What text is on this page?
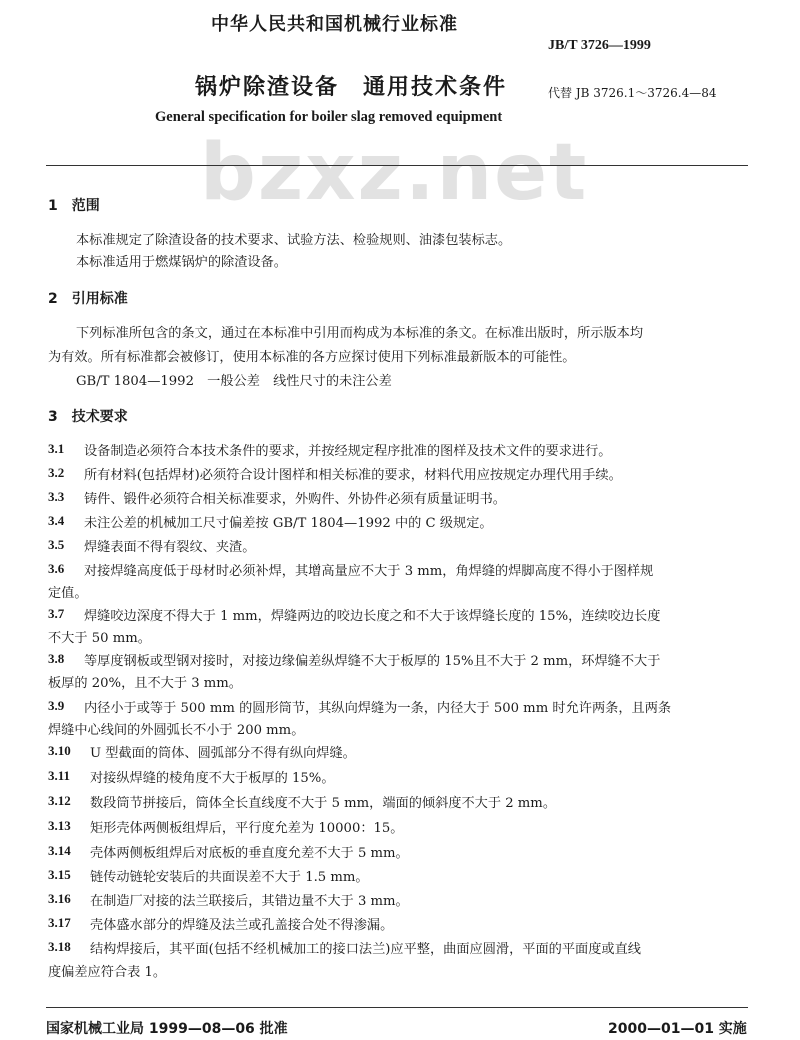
中华人民共和国机械行业标准
JB/T 3726—1999
锅炉除渣设备　通用技术条件	代替 JB 3726.1～3726.4—84
General specification for boiler slag removed equipment
bzxz.net
1　范围
本标准规定了除渣设备的技术要求、试验方法、检验规则、油漆包装标志。
本标准适用于燃煤锅炉的除渣设备。
2　引用标准
下列标准所包含的条文，通过在本标准中引用而构成为本标准的条文。在标准出版时，所示版本均
为有效。所有标准都会被修订，使用本标准的各方应探讨使用下列标准最新版本的可能性。
GB/T 1804—1992　一般公差　线性尺寸的未注公差
3　技术要求
3.1 设备制造必须符合本技术条件的要求，并按经规定程序批准的图样及技术文件的要求进行。
3.2 所有材料(包括焊材)必须符合设计图样和相关标准的要求，材料代用应按规定办理代用手续。
3.3 铸件、锻件必须符合相关标准要求，外购件、外协件必须有质量证明书。
3.4 未注公差的机械加工尺寸偏差按 GB/T 1804—1992 中的 C 级规定。
3.5 焊缝表面不得有裂纹、夹渣。
3.6 对接焊缝高度低于母材时必须补焊，其增高量应不大于 3 mm，角焊缝的焊脚高度不得小于图样规
定值。
3.7 焊缝咬边深度不得大于 1 mm，焊缝两边的咬边长度之和不大于该焊缝长度的 15%，连续咬边长度
不大于 50 mm。
3.8 等厚度钢板或型钢对接时，对接边缘偏差纵焊缝不大于板厚的 15%且不大于 2 mm，环焊缝不大于
板厚的 20%，且不大于 3 mm。
3.9 内径小于或等于 500 mm 的圆形筒节，其纵向焊缝为一条，内径大于 500 mm 时允许两条，且两条
焊缝中心线间的外圆弧长不小于 200 mm。
3.10 U 型截面的筒体、圆弧部分不得有纵向焊缝。
3.11 对接纵焊缝的棱角度不大于板厚的 15%。
3.12 数段筒节拼接后，筒体全长直线度不大于 5 mm，端面的倾斜度不大于 2 mm。
3.13 矩形壳体两侧板组焊后，平行度允差为 10000：15。
3.14 壳体两侧板组焊后对底板的垂直度允差不大于 5 mm。
3.15 链传动链轮安装后的共面误差不大于 1.5 mm。
3.16 在制造厂对接的法兰联接后，其错边量不大于 3 mm。
3.17 壳体盛水部分的焊缝及法兰或孔盖接合处不得渗漏。
3.18 结构焊接后，其平面(包括不经机械加工的接口法兰)应平整，曲面应圆滑，平面的平面度或直线
度偏差应符合表 1。
国家机械工业局 1999—08—06 批准	2000—01—01 实施
